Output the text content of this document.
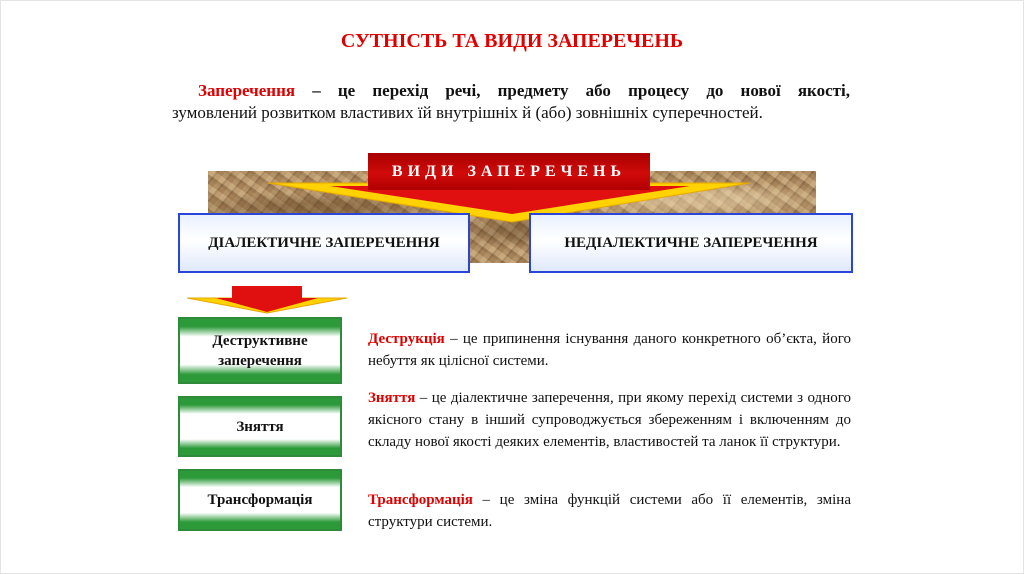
СУТНІСТЬ ТА ВИДИ ЗАПЕРЕЧЕНЬ
Заперечення – це перехід речі, предмету або процесу до нової якості,
зумовлений розвитком властивих їй внутрішніх й (або) зовнішніх суперечностей.
ВИДИ ЗАПЕРЕЧЕНЬ
ДІАЛЕКТИЧНЕ ЗАПЕРЕЧЕННЯ	НЕДІАЛЕКТИЧНЕ ЗАПЕРЕЧЕННЯ
Деструктивне заперечення
Зняття
Трансформація
Деструкція – це припинення існування даного конкретного об’єкта, його небуття як цілісної системи.
Зняття – це діалектичне заперечення, при якому перехід системи з одного якісного стану в інший супроводжується збереженням і включенням до складу нової якості деяких елементів, властивостей та ланок її структури.
Трансформація – це зміна функцій системи або її елементів, зміна структури системи.
